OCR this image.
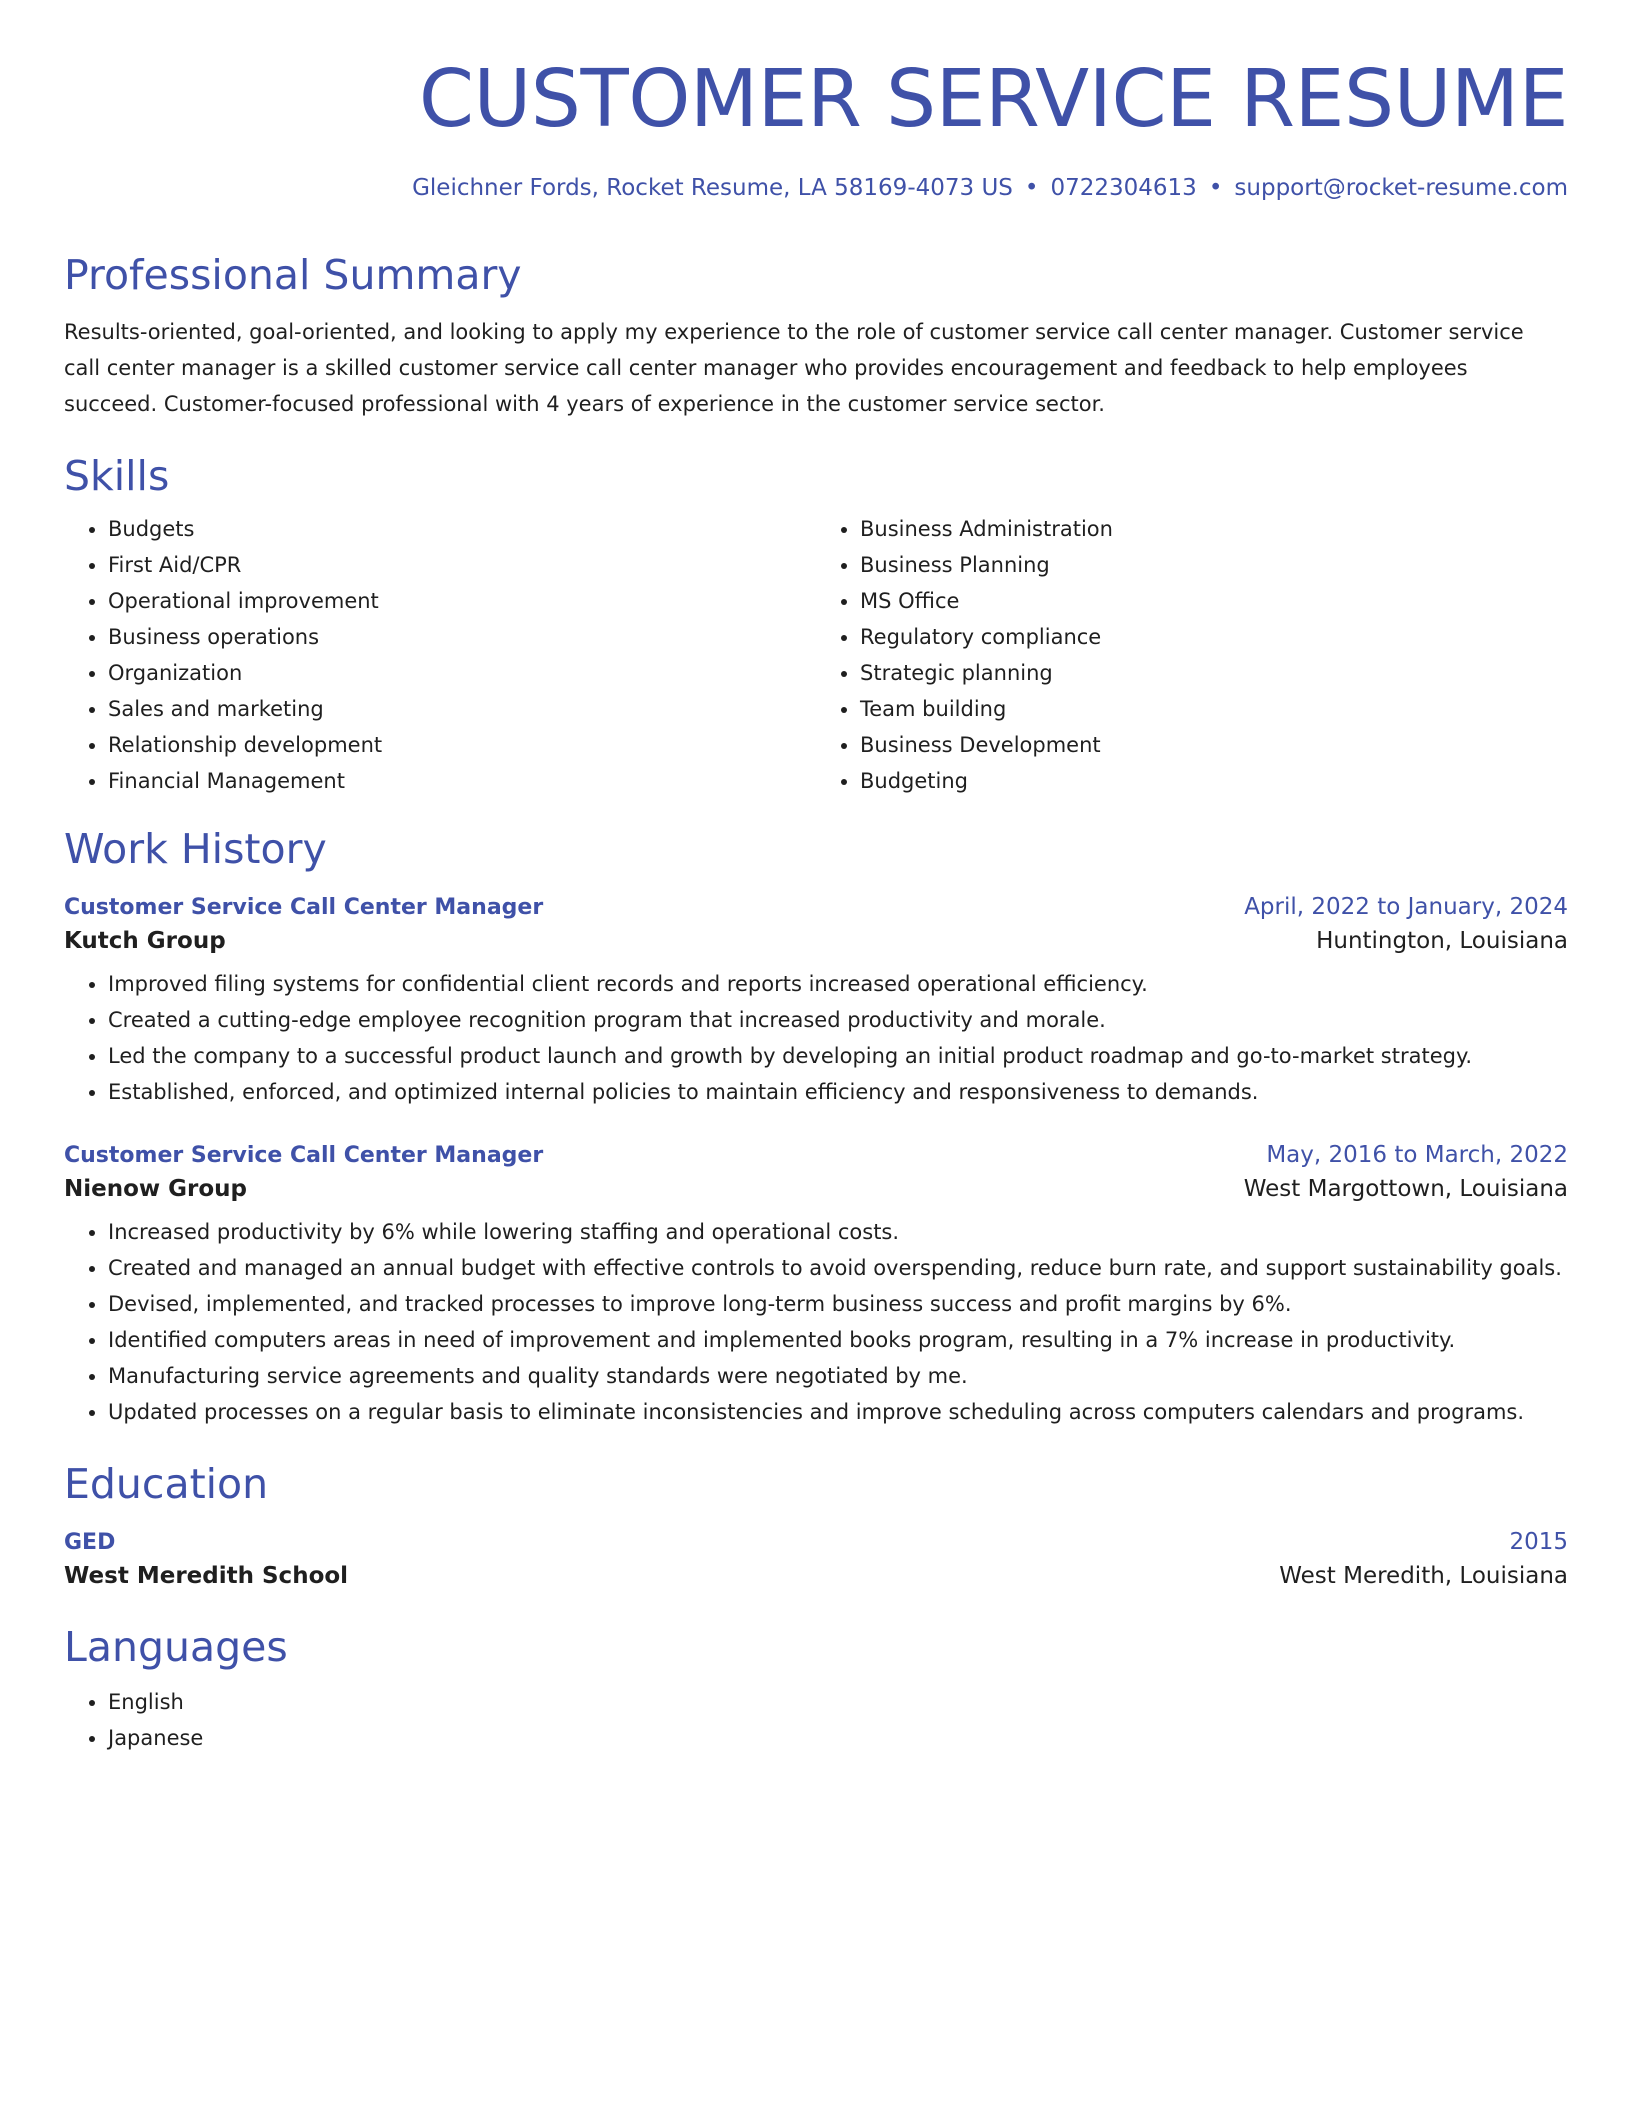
CUSTOMER SERVICE RESUME
Gleichner Fords, Rocket Resume, LA 58169-4073 US • 0722304613 • support@rocket-resume.com
Professional Summary

Results-oriented, goal-oriented, and looking to apply my experience to the role of customer service call center manager. Customer service call center manager is a skilled customer service call center manager who provides encouragement and feedback to help employees succeed. Customer-focused professional with 4 years of experience in the customer service sector.

Skills
• Budgets
• First Aid/CPR
• Operational improvement
• Business operations
• Organization
• Sales and marketing
• Relationship development
• Financial Management
• Business Administration
• Business Planning
• MS Office
• Regulatory compliance
• Strategic planning
• Team building
• Business Development
• Budgeting
Work History
Customer Service Call Center Manager	April, 2022 to January, 2024
Kutch Group	Huntington, Louisiana
• Improved filing systems for confidential client records and reports increased operational efficiency.
• Created a cutting-edge employee recognition program that increased productivity and morale.
• Led the company to a successful product launch and growth by developing an initial product roadmap and go-to-market strategy.
• Established, enforced, and optimized internal policies to maintain efficiency and responsiveness to demands.
Customer Service Call Center Manager	May, 2016 to March, 2022
Nienow Group	West Margottown, Louisiana
• Increased productivity by 6% while lowering staffing and operational costs.
• Created and managed an annual budget with effective controls to avoid overspending, reduce burn rate, and support sustainability goals.
• Devised, implemented, and tracked processes to improve long-term business success and profit margins by 6%.
• Identified computers areas in need of improvement and implemented books program, resulting in a 7% increase in productivity.
• Manufacturing service agreements and quality standards were negotiated by me.
• Updated processes on a regular basis to eliminate inconsistencies and improve scheduling across computers calendars and programs.
Education
GED	2015
West Meredith School	West Meredith, Louisiana
Languages
• English
• Japanese
